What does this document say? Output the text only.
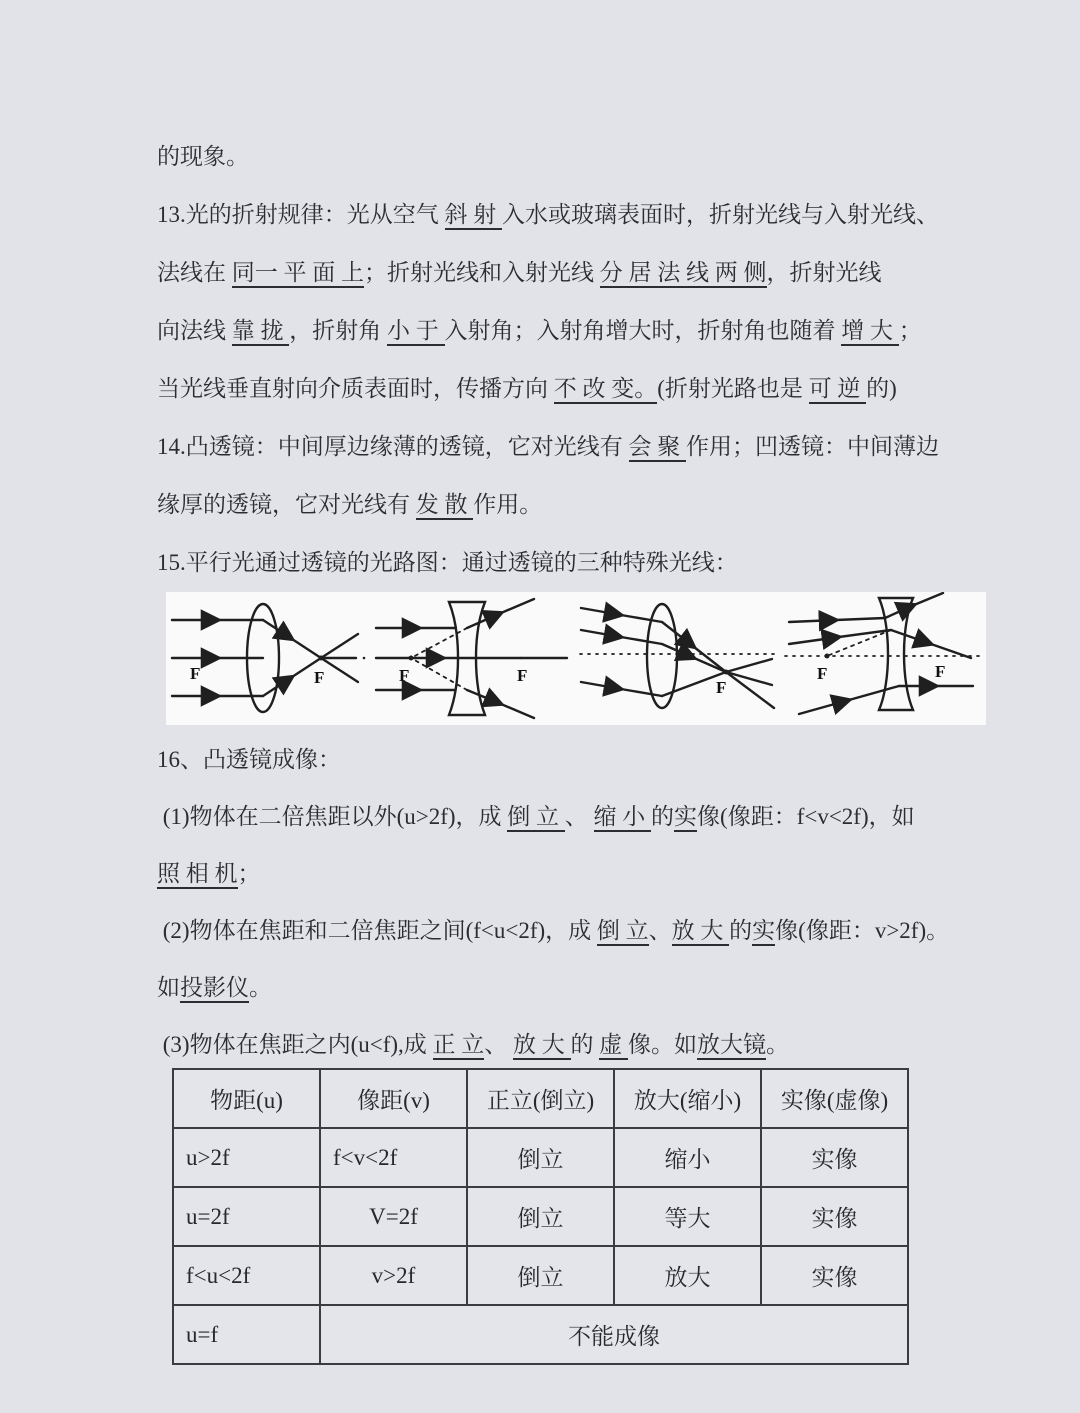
的现象。
13.光的折射规律：光从空气 斜 射 入水或玻璃表面时，折射光线与入射光线、
法线在 同一 平 面 上；折射光线和入射光线 分 居 法 线 两 侧，折射光线
向法线 靠 拢 ，折射角 小 于 入射角；入射角增大时，折射角也随着 增 大 ；
当光线垂直射向介质表面时，传播方向 不 改 变。(折射光路也是 可 逆 的)
14.凸透镜：中间厚边缘薄的透镜，它对光线有 会 聚 作用；凹透镜：中间薄边
缘厚的透镜，它对光线有 发 散 作用。
15.平行光通过透镜的光路图：通过透镜的三种特殊光线：
F	F	F	F
F
F	F
16、凸透镜成像：
(1)物体在二倍焦距以外(u>2f)，成 倒 立 、 缩 小 的实像(像距：f<v<2f)，如
照 相 机；
(2)物体在焦距和二倍焦距之间(f<u<2f)，成 倒 立、放 大 的实像(像距：v>2f)。
如投影仪。
(3)物体在焦距之内(u<f),成 正 立、 放 大 的 虚 像。如放大镜。
物距(u)	像距(v)	正立(倒立)	放大(缩小)	实像(虚像)
u>2f	f<v<2f	倒立	缩小	实像
u=2f	V=2f	倒立	等大	实像
f<u<2f	v>2f	倒立	放大	实像
u=f	不能成像			
